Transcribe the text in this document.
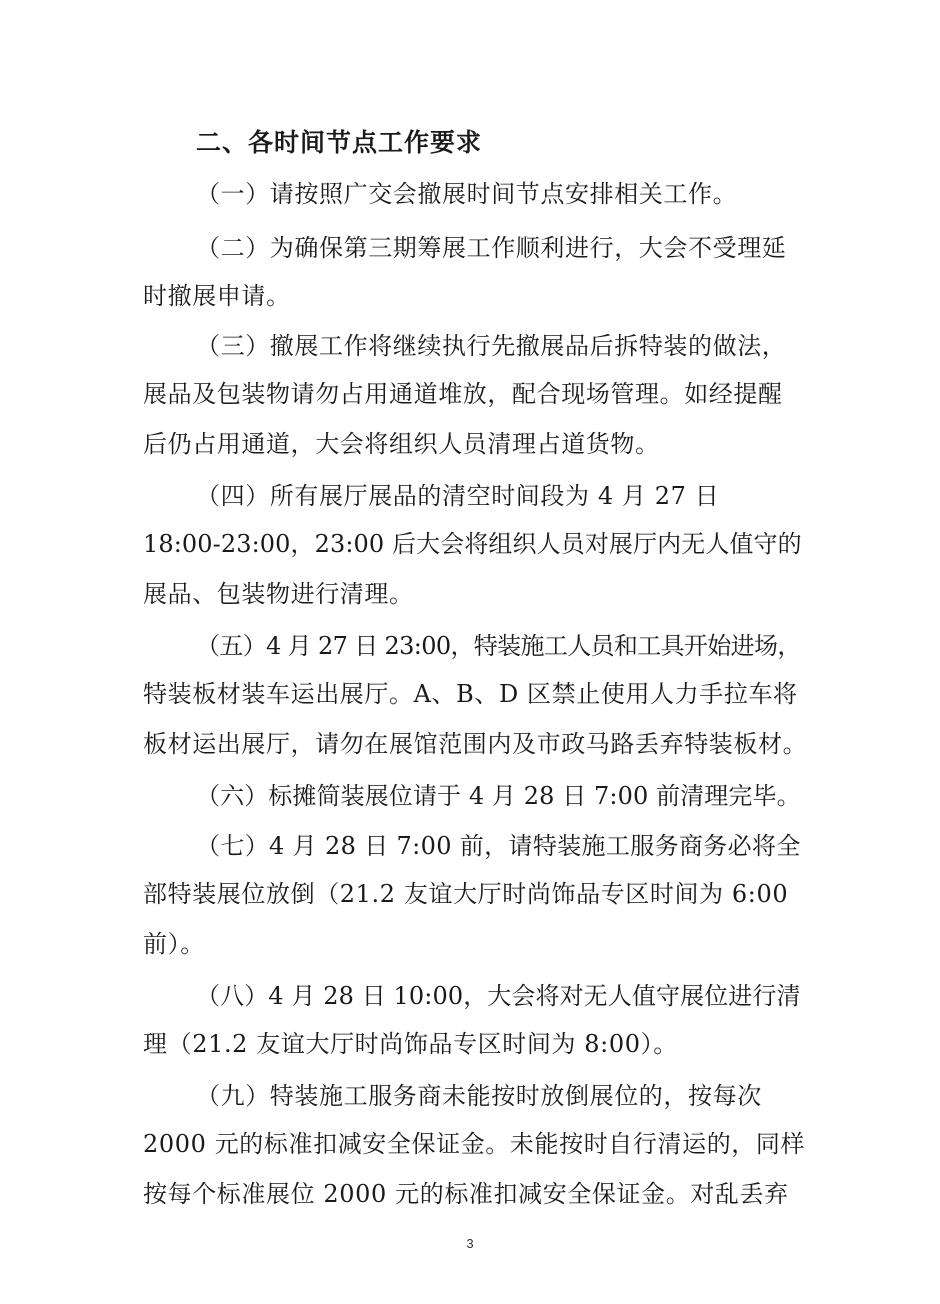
二、各时间节点工作要求
（一）请按照广交会撤展时间节点安排相关工作。
（二）为确保第三期筹展工作顺利进行，大会不受理延
时撤展申请。
（三）撤展工作将继续执行先撤展品后拆特装的做法，
展品及包装物请勿占用通道堆放，配合现场管理。如经提醒
后仍占用通道，大会将组织人员清理占道货物。
（四）所有展厅展品的清空时间段为 4 月 27 日
18:00-23:00，23:00 后大会将组织人员对展厅内无人值守的
展品、包装物进行清理。
（五）4 月 27 日 23:00，特装施工人员和工具开始进场，
特装板材装车运出展厅。A、B、D 区禁止使用人力手拉车将
板材运出展厅，请勿在展馆范围内及市政马路丢弃特装板材。
（六）标摊简装展位请于 4 月 28 日 7:00 前清理完毕。
（七）4 月 28 日 7:00 前，请特装施工服务商务必将全
部特装展位放倒（21.2 友谊大厅时尚饰品专区时间为 6:00
前）。
（八）4 月 28 日 10:00，大会将对无人值守展位进行清
理（21.2 友谊大厅时尚饰品专区时间为 8:00）。
（九）特装施工服务商未能按时放倒展位的，按每次
2000 元的标准扣减安全保证金。未能按时自行清运的，同样
按每个标准展位 2000 元的标准扣减安全保证金。对乱丢弃
3
